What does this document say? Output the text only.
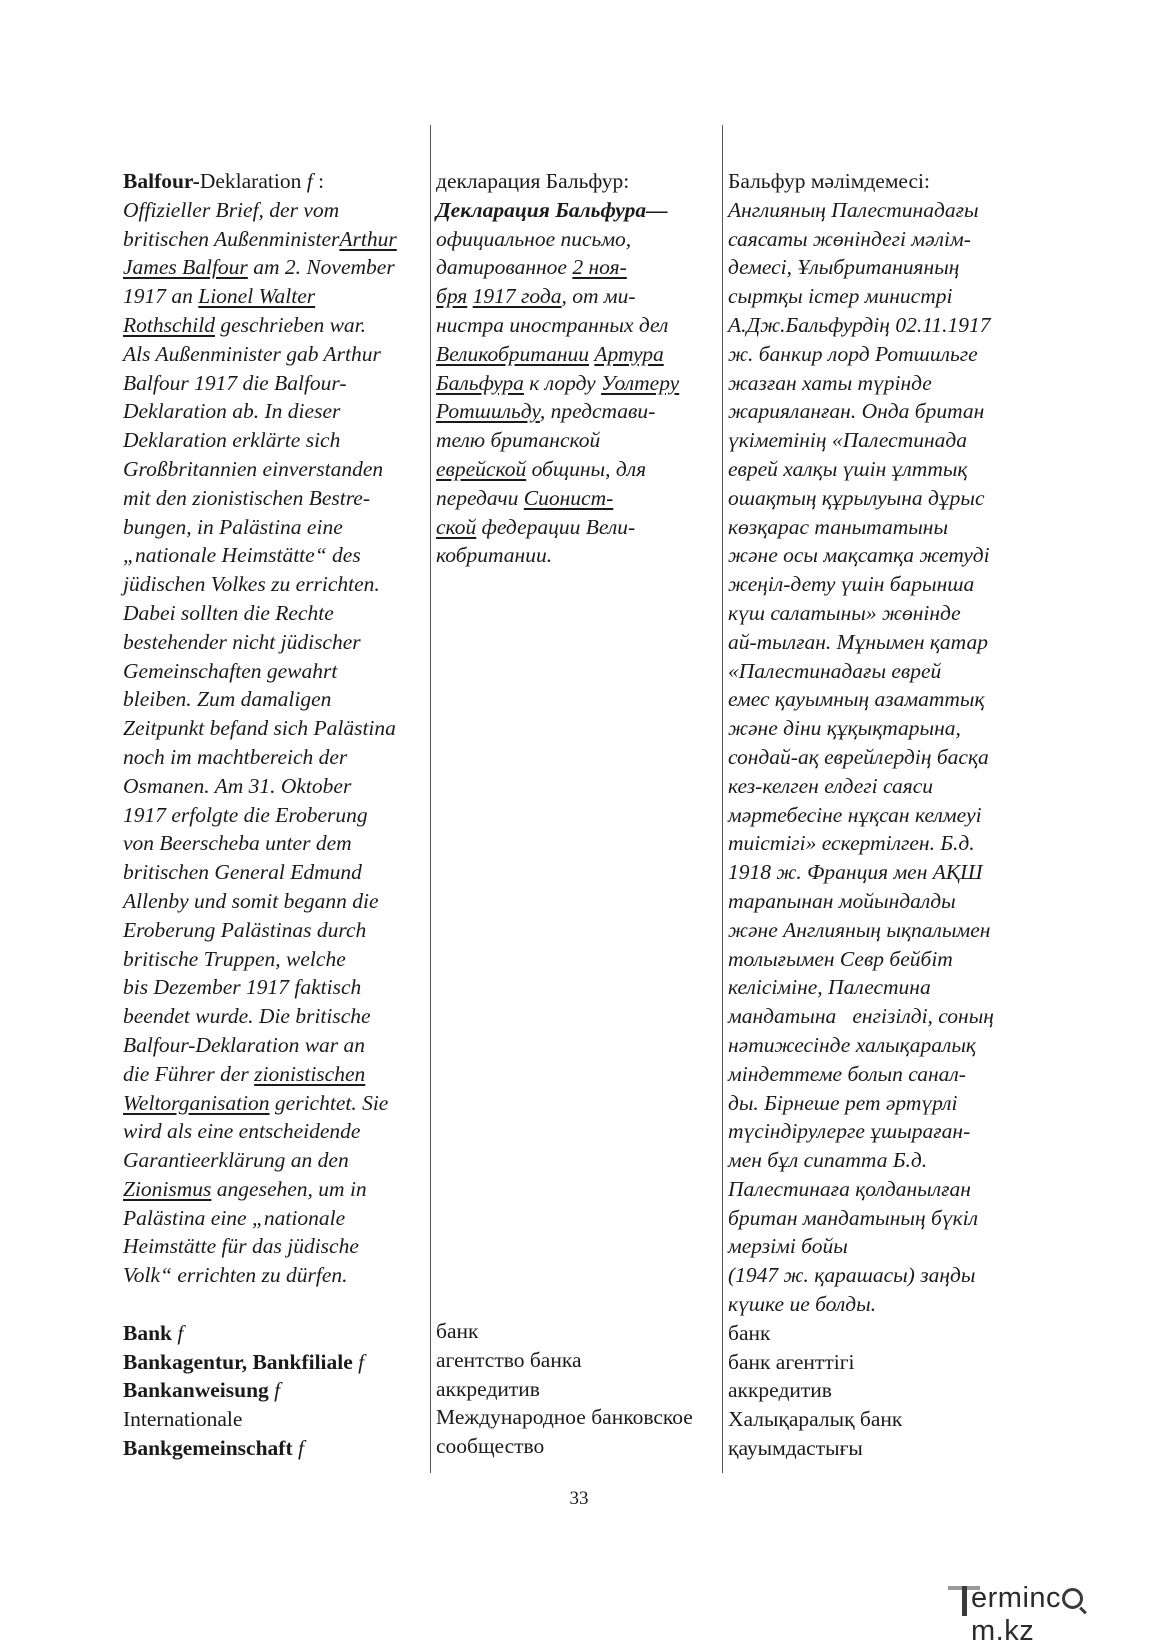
Balfour-Deklaration f :
Offizieller Brief, der vom
britischen AußenministerArthur
James Balfour am 2. November
1917 an Lionel Walter
Rothschild geschrieben war.
Als Außenminister gab Arthur
Balfour 1917 die Balfour-
Deklaration ab. In dieser
Deklaration erklärte sich
Großbritannien einverstanden
mit den zionistischen Bestre-
bungen, in Palästina eine
„nationale Heimstätte“ des
jüdischen Volkes zu errichten.
Dabei sollten die Rechte
bestehender nicht jüdischer
Gemeinschaften gewahrt
bleiben. Zum damaligen
Zeitpunkt befand sich Palästina
noch im machtbereich der
Osmanen. Am 31. Oktober
1917 erfolgte die Eroberung
von Beerscheba unter dem
britischen General Edmund
Allenby und somit begann die
Eroberung Palästinas durch
britische Truppen, welche
bis Dezember 1917 faktisch
beendet wurde. Die britische
Balfour-Deklaration war an
die Führer der zionistischen
Weltorganisation gerichtet. Sie
wird als eine entscheidende
Garantieerklärung an den
Zionismus angesehen, um in
Palästina eine „nationale
Heimstätte für das jüdische
Volk“ errichten zu dürfen.
Bank f
Bankagentur, Bankfiliale f
Bankanweisung f
Internationale
Bankgemeinschaft f
декларация Бальфур:
Декларация Бальфура—
официальное письмо,
датированное 2 ноя-
бря 1917 года, от ми-
нистра иностранных дел
Великобритании Артура
Бальфура к лорду Уолтеру
Ротшильду, представи-
телю британской
еврейской общины, для
передачи Сионист-
ской федерации Вели-
кобритании.
банк
агентство банка
аккредитив
Международное банковское
сообщество
Бальфур мәлімдемесі:
Англияның Палестинадағы
саясаты жөніндегі мәлім-
демесі, Ұлыбританияның
сыртқы істер министрі
А.Дж.Бальфурдің 02.11.1917
ж. банкир лорд Ротшильге
жазған хаты түрінде
жарияланған. Онда британ
үкіметінің «Палестинада
еврей халқы үшін ұлттық
ошақтың құрылуына дұрыс
көзқарас танытатыны
және осы мақсатқа жетуді
жеңіл-дету үшін барынша
күш салатыны» жөнінде
ай-тылған. Мұнымен қатар
«Палестинадағы еврей
емес қауымның азаматтық
және діни құқықтарына,
сондай-ақ еврейлердің басқа
кез-келген елдегі саяси
мәртебесіне нұқсан келмеуі
тиістігі» ескертілген. Б.д.
1918 ж. Франция мен АҚШ
тарапынан мойындалды
және Англияның ықпалымен
толығымен Севр бейбіт
келісіміне, Палестина
мандатына   енгізілді, соның
нәтижесінде халықаралық
міндеттеме болып санал-
ды. Бірнеше рет әртүрлі
түсіндірулерге ұшыраған-
мен бұл сипатта Б.д.
Палестинаға қолданылған
британ мандатының бүкіл
мерзімі бойы
(1947 ж. қарашасы) заңды
күшке ие болды.
банк
банк агенттігі
аккредитив
Халықаралық банк
қауымдастығы
33
ermincm.kz
